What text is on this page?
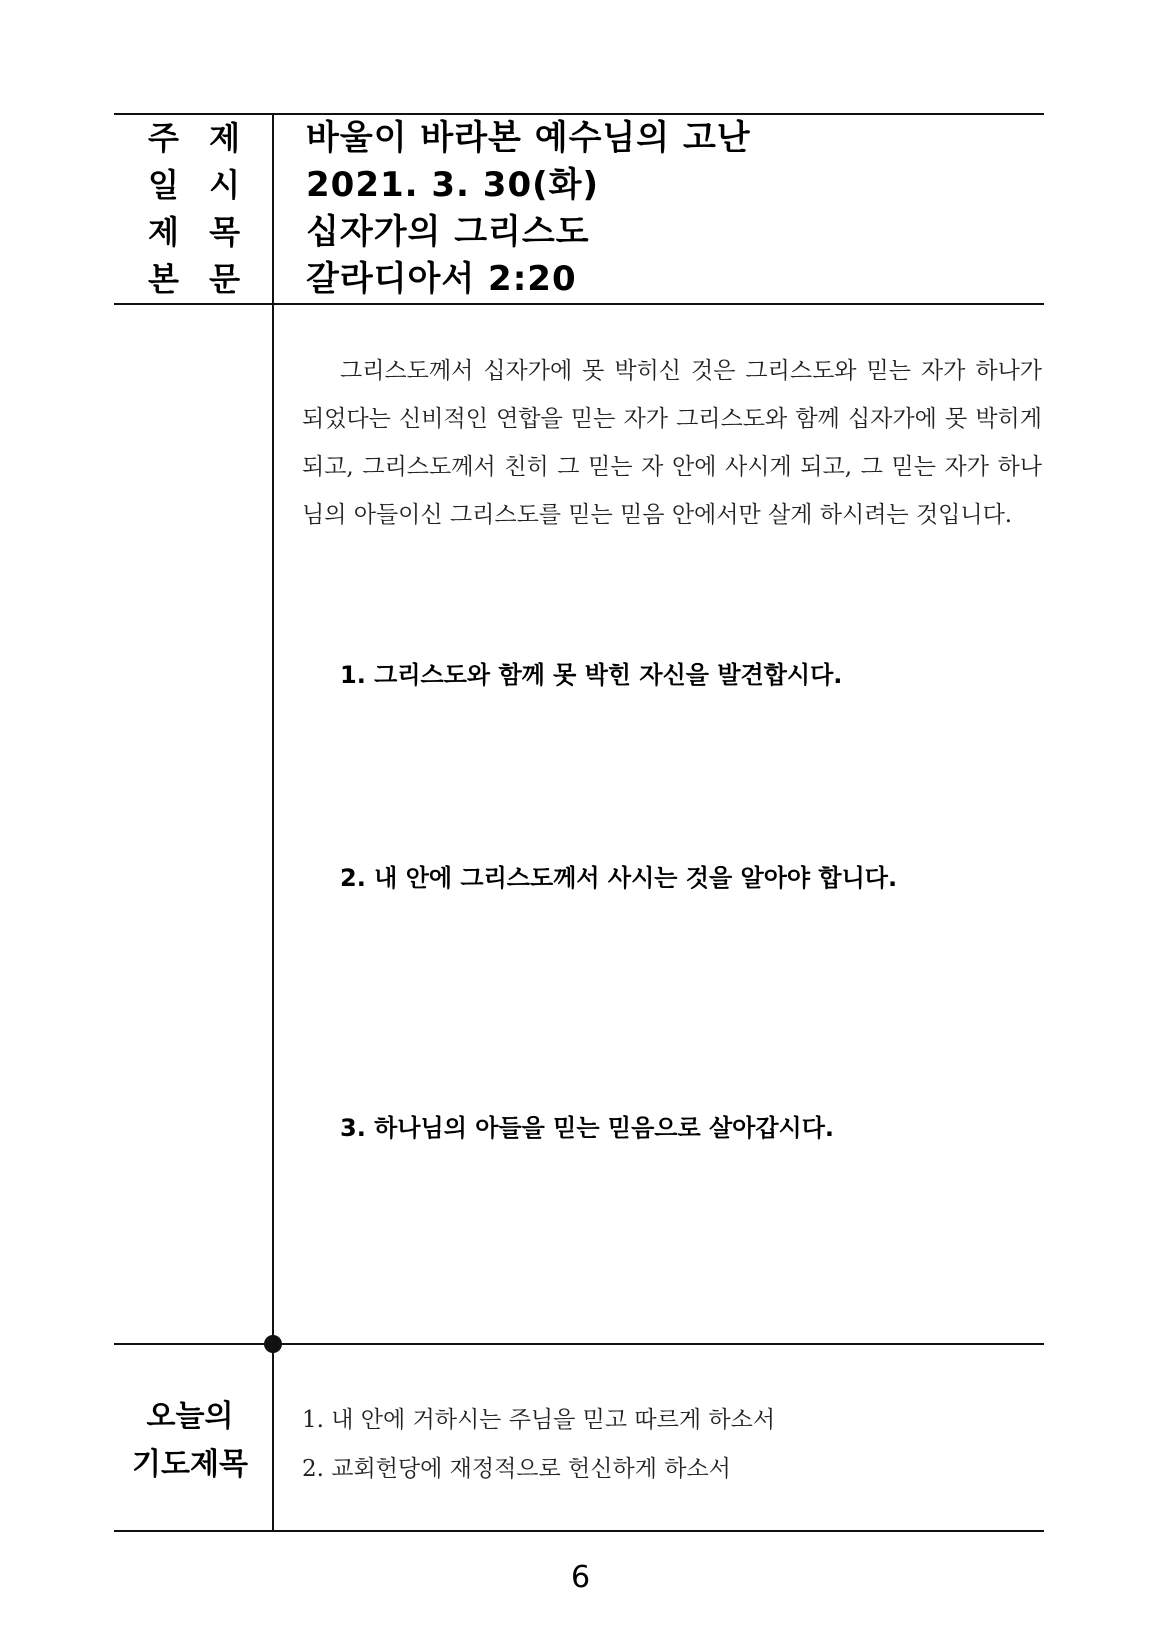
주 제 바울이 바라본 예수님의 고난
일 시 2021. 3. 30(화)
제 목 십자가의 그리스도
본 문 갈라디아서 2:20
그리스도께서 십자가에 못 박히신 것은 그리스도와 믿는 자가 하나가 되었다는 신비적인 연합을 믿는 자가 그리스도와 함께 십자가에 못 박히게 되고, 그리스도께서 친히 그 믿는 자 안에 사시게 되고, 그 믿는 자가 하나님의 아들이신 그리스도를 믿는 믿음 안에서만 살게 하시려는 것입니다.
1. 그리스도와 함께 못 박힌 자신을 발견합시다.
2. 내 안에 그리스도께서 사시는 것을 알아야 합니다.
3. 하나님의 아들을 믿는 믿음으로 살아갑시다.
오늘의
기도제목
1. 내 안에 거하시는 주님을 믿고 따르게 하소서
2. 교회헌당에 재정적으로 헌신하게 하소서
6
